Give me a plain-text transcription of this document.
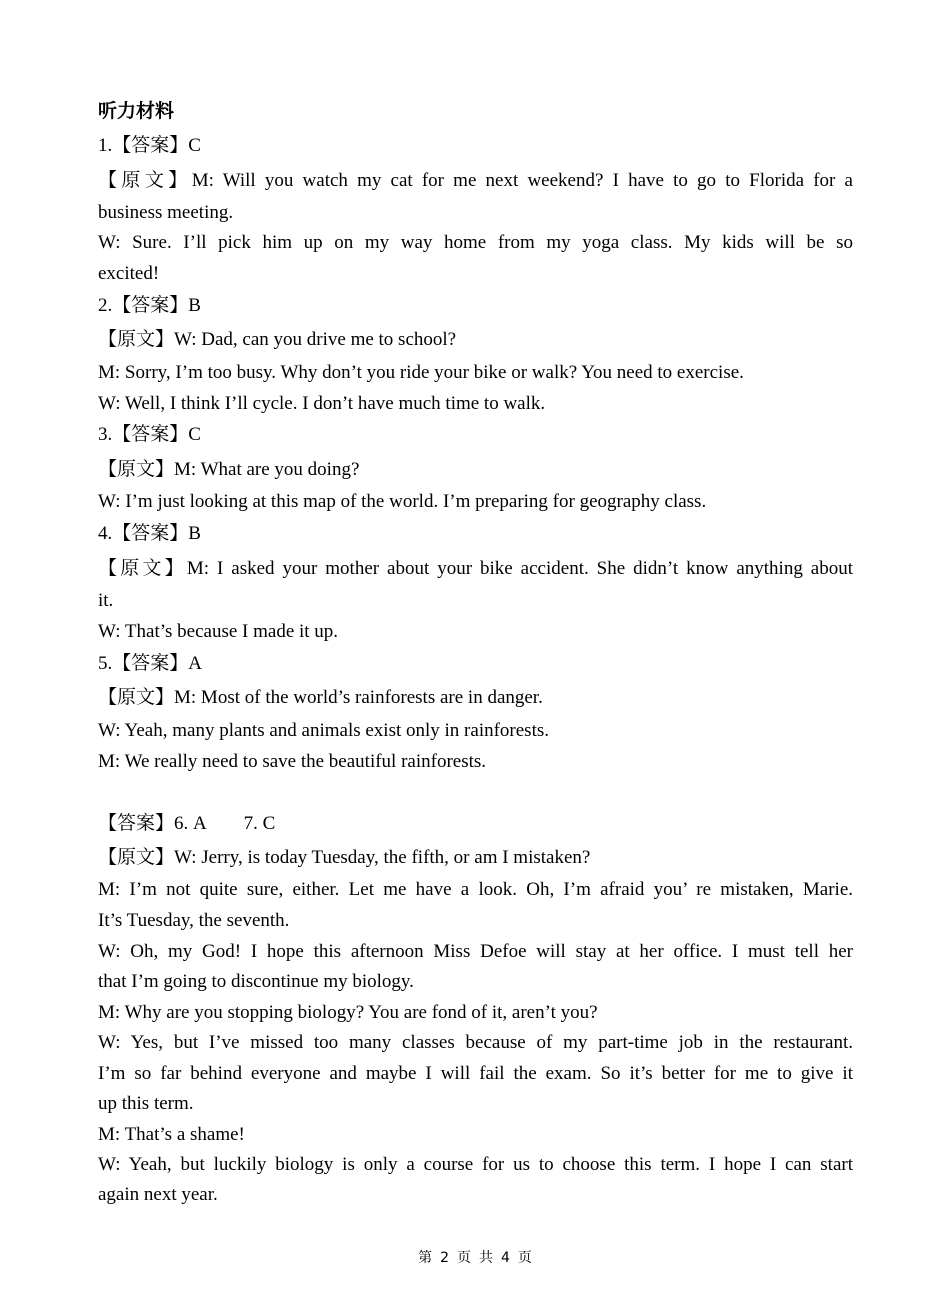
听力材料
1.【答案】C
【原文】M: Will you watch my cat for me next weekend? I have to go to Florida for a
business meeting.
W: Sure. I’ll pick him up on my way home from my yoga class. My kids will be so
excited!
2.【答案】B
【原文】W: Dad, can you drive me to school?
M: Sorry, I’m too busy. Why don’t you ride your bike or walk? You need to exercise.
W: Well, I think I’ll cycle. I don’t have much time to walk.
3.【答案】C
【原文】M: What are you doing?
W: I’m just looking at this map of the world. I’m preparing for geography class.
4.【答案】B
【原文】M: I asked your mother about your bike accident. She didn’t know anything about
it.
W: That’s because I made it up.
5.【答案】A
【原文】M: Most of the world’s rainforests are in danger.
W: Yeah, many plants and animals exist only in rainforests.
M: We really need to save the beautiful rainforests.
【答案】6. A        7. C
【原文】W: Jerry, is today Tuesday, the fifth, or am I mistaken?
M: I’m not quite sure, either. Let me have a look. Oh, I’m afraid you’ re mistaken, Marie.
It’s Tuesday, the seventh.
W: Oh, my God! I hope this afternoon Miss Defoe will stay at her office. I must tell her
that I’m going to discontinue my biology.
M: Why are you stopping biology? You are fond of it, aren’t you?
W: Yes, but I’ve missed too many classes because of my part-time job in the restaurant.
I’m so far behind everyone and maybe I will fail the exam. So it’s better for me to give it
up this term.
M: That’s a shame!
W: Yeah, but luckily biology is only a course for us to choose this term. I hope I can start
again next year.
第 2 页 共 4 页
